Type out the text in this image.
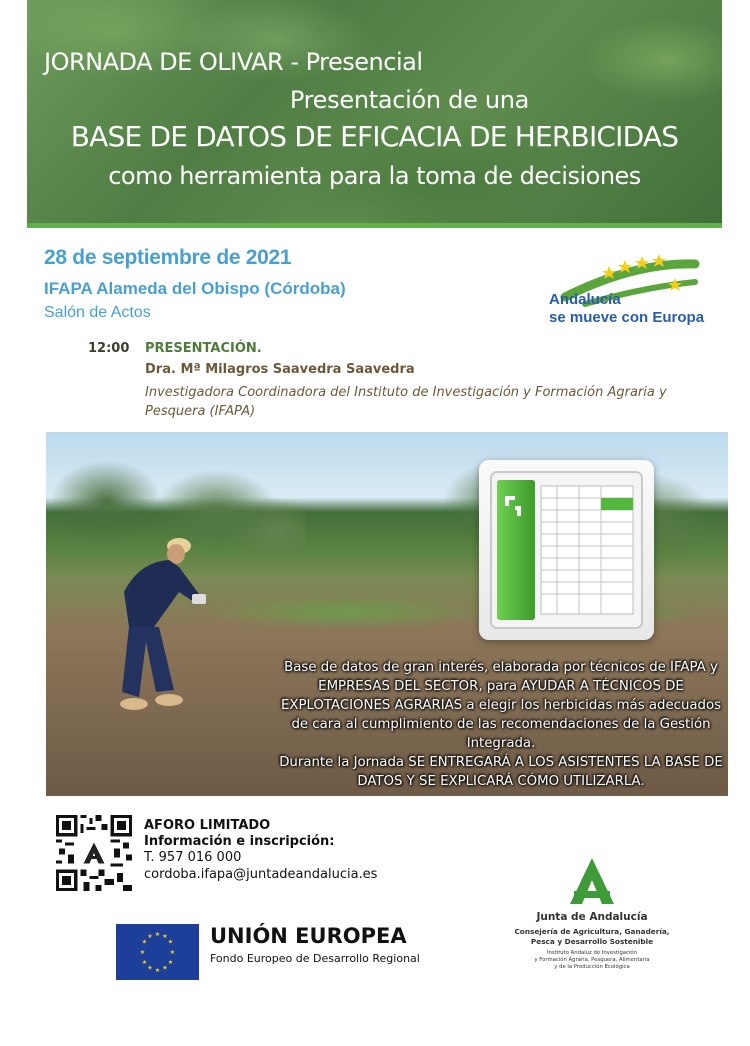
JORNADA DE OLIVAR - Presencial
Presentación de una
BASE DE DATOS DE EFICACIA DE HERBICIDAS
como herramienta para la toma de decisiones
28 de septiembre de 2021
IFAPA Alameda del Obispo (Córdoba)
Salón de Actos
Andalucía
se mueve con Europa
12:00 PRESENTACIÓN.
Dra. Mª Milagros Saavedra Saavedra
Investigadora Coordinadora del Instituto de Investigación y Formación Agraria y Pesquera (IFAPA)
Base de datos de gran interés, elaborada por técnicos de IFAPA y EMPRESAS DEL SECTOR, para AYUDAR A TÉCNICOS DE EXPLOTACIONES AGRARIAS a elegir los herbicidas más adecuados de cara al cumplimiento de las recomendaciones de la Gestión Integrada.
Durante la Jornada SE ENTREGARÁ A LOS ASISTENTES LA BASE DE DATOS Y SE EXPLICARÁ CÓMO UTILIZARLA.
AFORO LIMITADO
Información e inscripción:
T. 957 016 000
cordoba.ifapa@juntadeandalucia.es
★ ★
★
★
★
★
★
★
★
★
★
★	UNIÓN EUROPEA
Fondo Europeo de Desarrollo Regional
Junta de Andalucía
Consejería de Agricultura, Ganadería,
Pesca y Desarrollo Sostenible
Instituto Andaluz de Investigación
y Formación Agraria, Pesquera, Alimentaria
y de la Producción Ecológica
